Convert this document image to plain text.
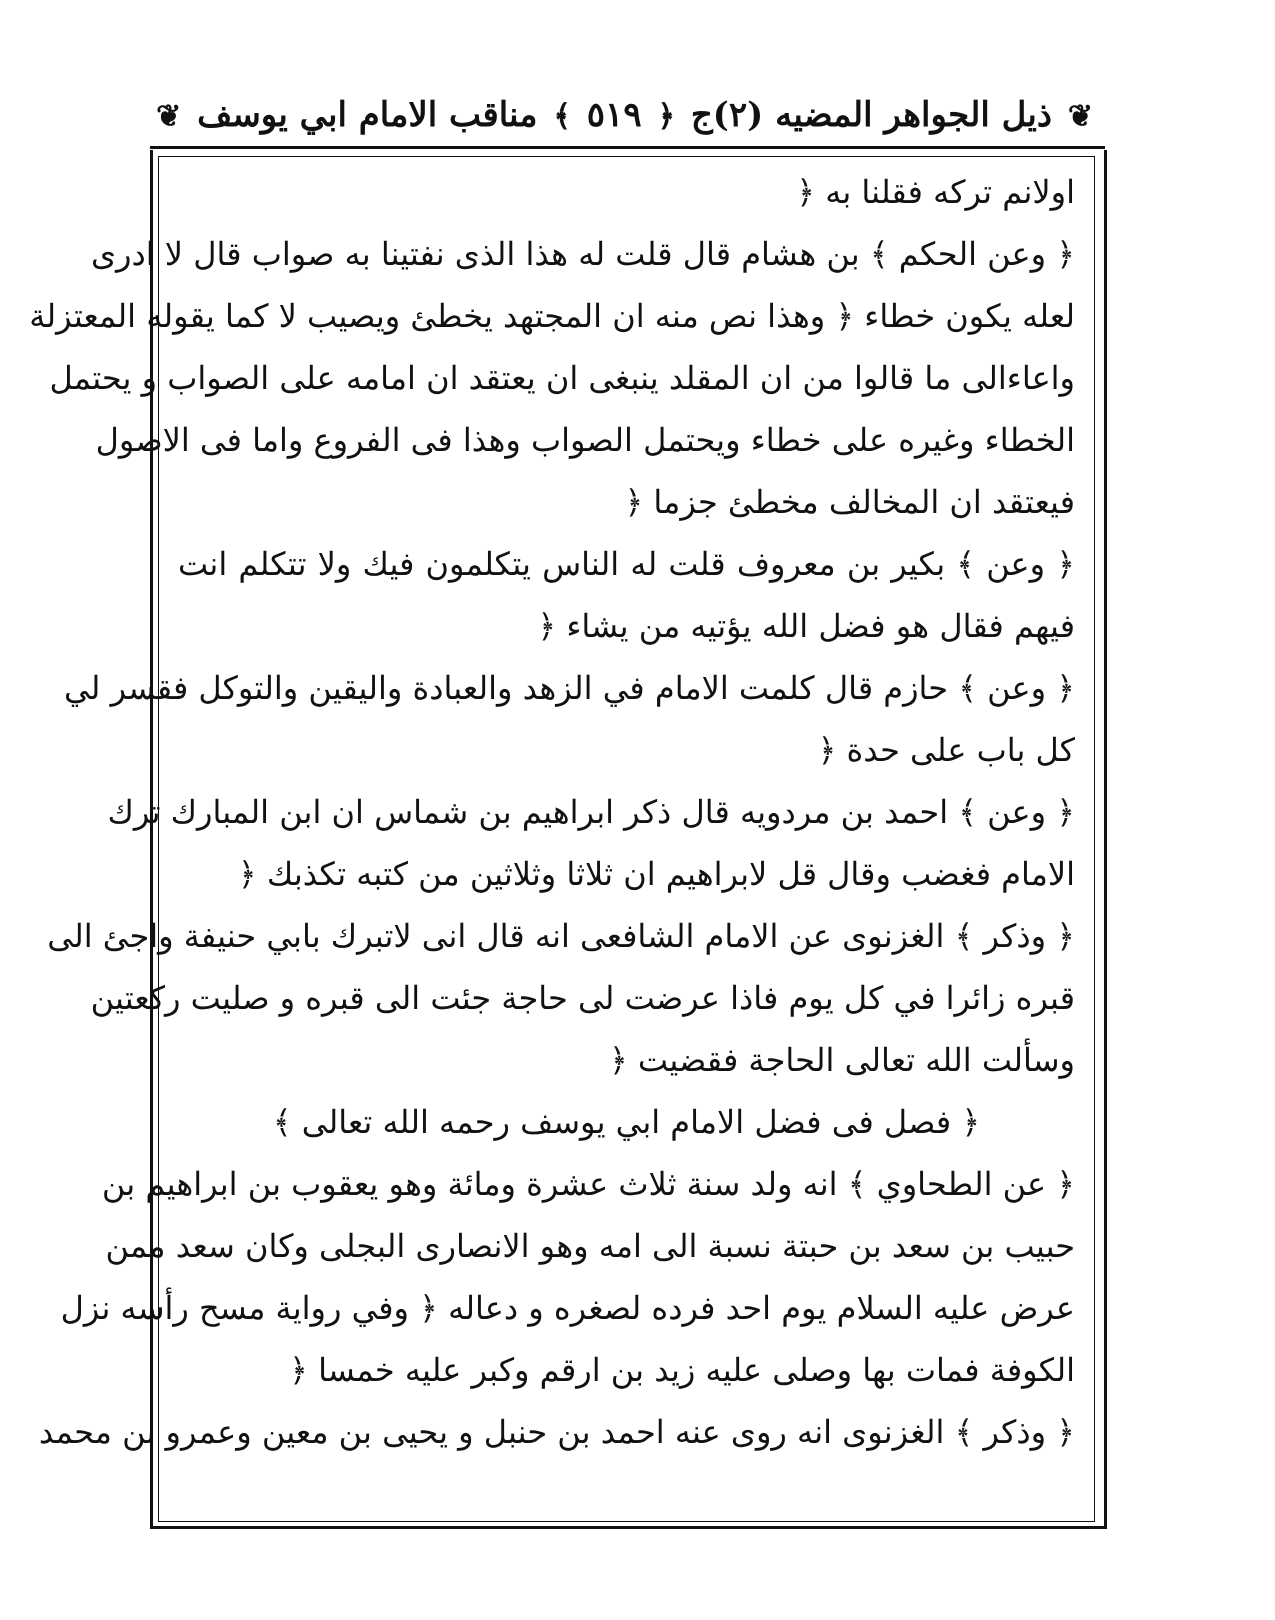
❦ ذيل الجواهر المضيه (٢)ج ﴿ ٥١٩ ﴾ مناقب الامام ابي يوسف ❦
اولانم تركه فقلنا به ﴿
﴿ وعن الحكم ﴾ بن هشام قال قلت له هذا الذى نفتينا به صواب قال لا ادرى
لعله يكون خطاء ﴿ وهذا نص منه ان المجتهد يخطئ ويصيب لا كما يقوله المعتزلة
واعاءالى ما قالوا من ان المقلد ينبغى ان يعتقد ان امامه على الصواب و يحتمل
الخطاء وغيره على خطاء ويحتمل الصواب وهذا فى الفروع واما فى الاصول
فيعتقد ان المخالف مخطئ جزما ﴿
﴿ وعن ﴾ بكير بن معروف قلت له الناس يتكلمون فيك ولا تتكلم انت
فيهم فقال هو فضل الله يؤتيه من يشاء ﴿
﴿ وعن ﴾ حازم قال كلمت الامام في الزهد والعبادة واليقين والتوكل فقسر لي
كل باب على حدة ﴿
﴿ وعن ﴾ احمد بن مردويه قال ذكر ابراهيم بن شماس ان ابن المبارك ترك
الامام فغضب وقال قل لابراهيم ان ثلاثا وثلاثين من كتبه تكذبك ﴿
﴿ وذكر ﴾ الغزنوى عن الامام الشافعى انه قال انى لاتبرك بابي حنيفة واجئ الى
قبره زائرا في كل يوم فاذا عرضت لى حاجة جئت الى قبره و صليت ركعتين
وسألت الله تعالى الحاجة فقضيت ﴿
﴿ فصل فى فضل الامام ابي يوسف رحمه الله تعالى ﴾
﴿ عن الطحاوي ﴾ انه ولد سنة ثلاث عشرة ومائة وهو يعقوب بن ابراهيم بن
حبيب بن سعد بن حبتة نسبة الى امه وهو الانصارى البجلى وكان سعد ممن
عرض عليه السلام يوم احد فرده لصغره و دعاله ﴿ وفي رواية مسح رأسه نزل
الكوفة فمات بها وصلى عليه زيد بن ارقم وكبر عليه خمسا ﴿
﴿ وذكر ﴾ الغزنوى انه روى عنه احمد بن حنبل و يحيى بن معين وعمرو بن محمد
